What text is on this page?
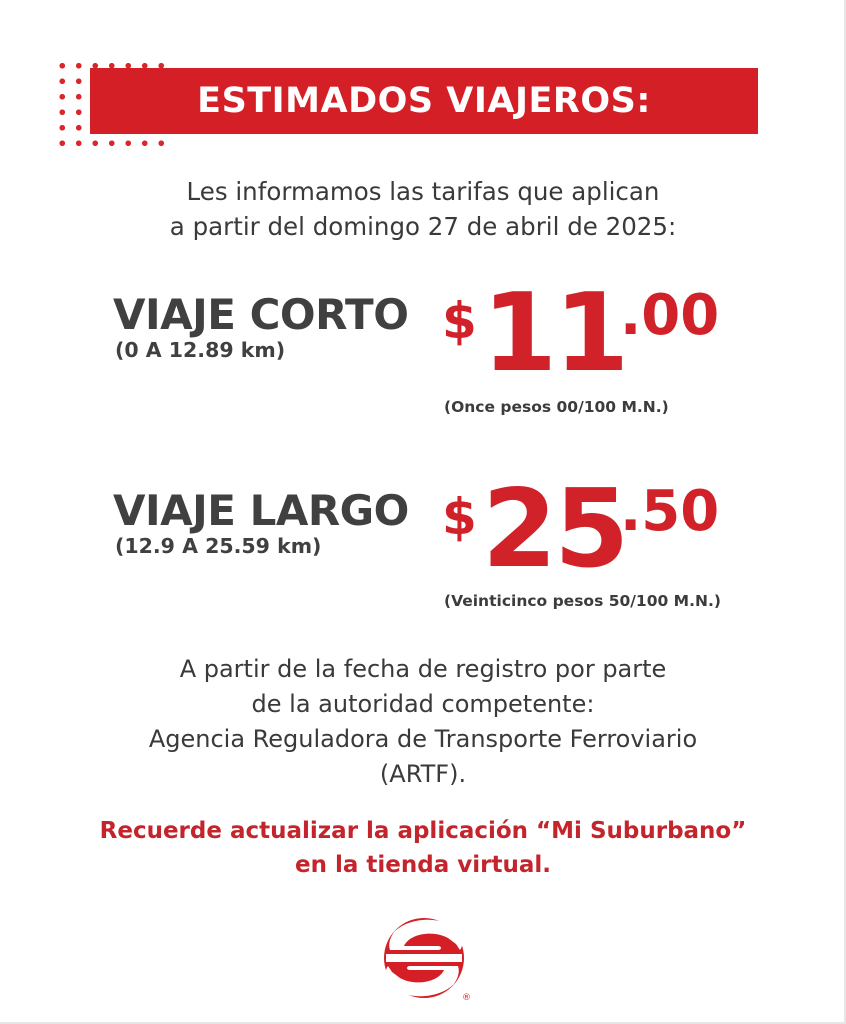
ESTIMADOS VIAJEROS:
Les informamos las tarifas que aplican
a partir del domingo 27 de abril de 2025:
VIAJE CORTO
(0 A 12.89 km)	$ 11
.00
(Once pesos 00/100 M.N.)
VIAJE LARGO
(12.9 A 25.59 km)	$ 25
.50
(Veinticinco pesos 50/100 M.N.)
A partir de la fecha de registro por parte
de la autoridad competente:
Agencia Reguladora de Transporte Ferroviario
(ARTF).
Recuerde actualizar la aplicación “Mi Suburbano”
en la tienda virtual.
®
